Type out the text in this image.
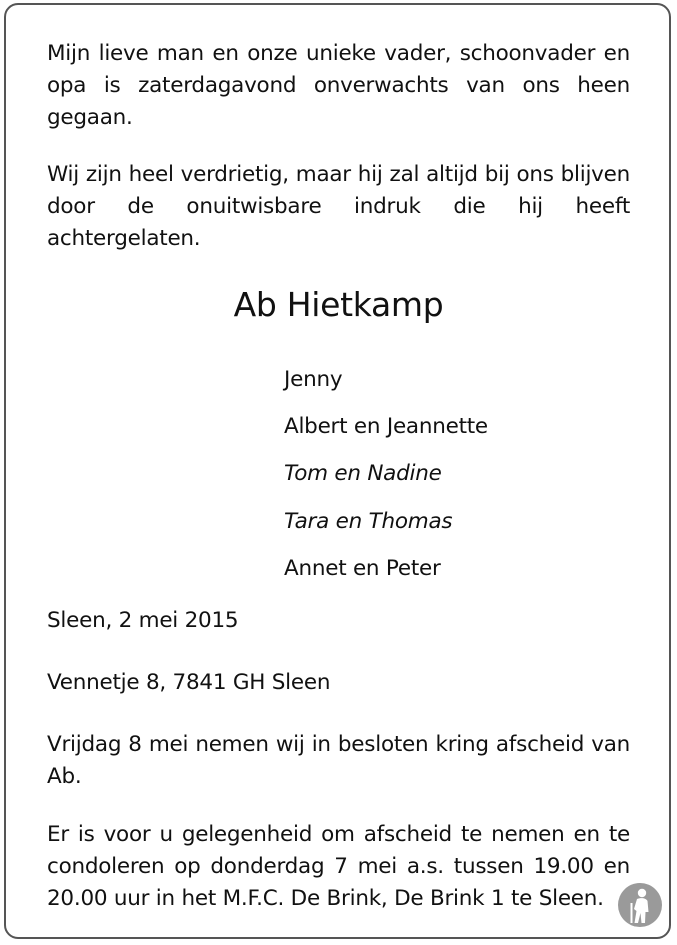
Mijn lieve man en onze unieke vader, schoonvader en opa is zaterdagavond onverwachts van ons heen gegaan.
Wij zijn heel verdrietig, maar hij zal altijd bij ons blijven door de onuitwisbare indruk die hij heeft achtergelaten.
Ab Hietkamp
Jenny
Albert en Jeannette
Tom en Nadine
Tara en Thomas
Annet en Peter
Sleen, 2 mei 2015
Vennetje 8, 7841 GH Sleen
Vrijdag 8 mei nemen wij in besloten kring afscheid van Ab.
Er is voor u gelegenheid om afscheid te nemen en te condoleren op donderdag 7 mei a.s. tussen 19.00 en 20.00 uur in het M.F.C. De Brink, De Brink 1 te Sleen.
